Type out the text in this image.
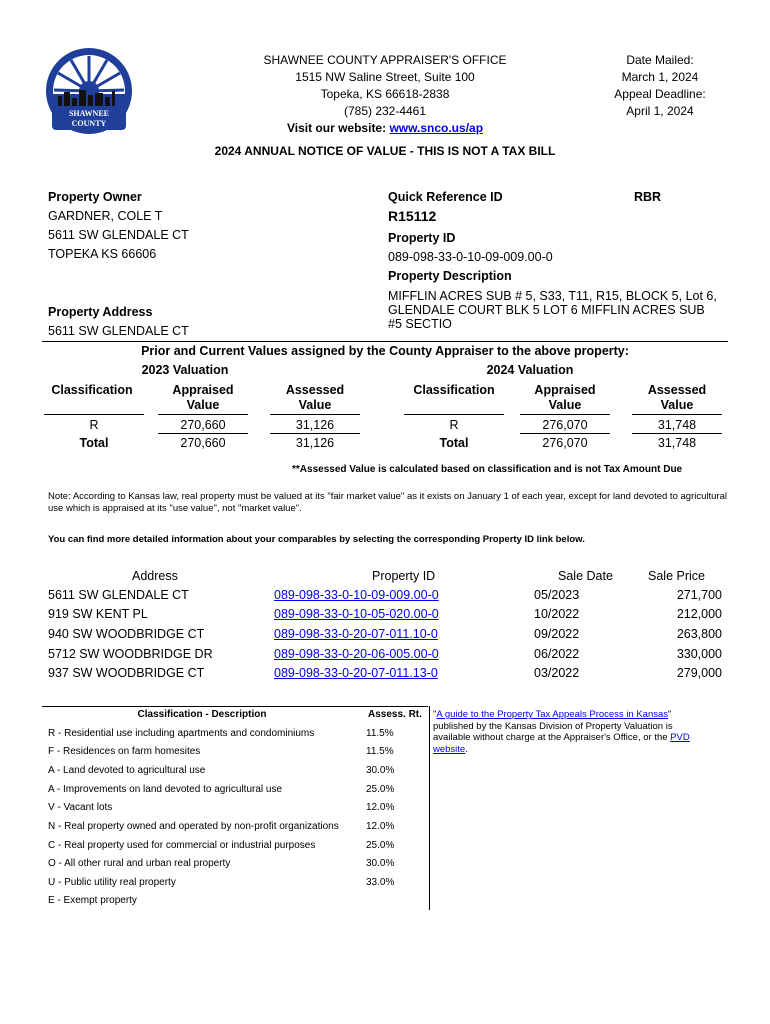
SHAWNEE
COUNTY
SHAWNEE COUNTY APPRAISER'S OFFICE
1515 NW Saline Street, Suite 100
Topeka, KS 66618-2838
(785) 232-4461
Visit our website: www.snco.us/ap
Date Mailed:
March 1, 2024
Appeal Deadline:
April 1, 2024
2024 ANNUAL NOTICE OF VALUE - THIS IS NOT A TAX BILL
Property Owner
GARDNER, COLE T
5611 SW GLENDALE CT
TOPEKA KS 66606
Property Address
5611 SW GLENDALE CT
Quick Reference ID	RBR
R15112
Property ID
089-098-33-0-10-09-009.00-0
Property Description
MIFFLIN ACRES SUB # 5, S33, T11, R15, BLOCK 5, Lot 6,
GLENDALE COURT BLK 5 LOT 6 MIFFLIN ACRES SUB
#5 SECTIO
Prior and Current Values assigned by the County Appraiser to the above property:
2023 Valuation	2024 Valuation
Classification	Appraised
Value
Assessed
Value
Classification	Appraised
Value
Assessed
Value
R	270,660	31,126	R	276,070	31,748
Total	270,660	31,126	Total	276,070	31,748
**Assessed Value is calculated based on classification and is not Tax Amount Due
Note: According to Kansas law, real property must be valued at its "fair market value" as it exists on January 1 of each year, except for land devoted to agricultural use which is appraised at its "use value", not "market value".
You can find more detailed information about your comparables by selecting the corresponding Property ID link below.
Address	Property ID	Sale Date	Sale Price
5611 SW GLENDALE CT	089-098-33-0-10-09-009.00-0	05/2023	271,700
919 SW KENT PL	089-098-33-0-10-05-020.00-0	10/2022	212,000
940 SW WOODBRIDGE CT	089-098-33-0-20-07-011.10-0	09/2022	263,800
5712 SW WOODBRIDGE DR	089-098-33-0-20-06-005.00-0	06/2022	330,000
937 SW WOODBRIDGE CT	089-098-33-0-20-07-011.13-0	03/2022	279,000
Classification - Description	Assess. Rt.
R - Residential use including apartments and condominiums	11.5%
F - Residences on farm homesites	11.5%
A - Land devoted to agricultural use	30.0%
A - Improvements on land devoted to agricultural use	25.0%
V - Vacant lots	12.0%
N - Real property owned and operated by non-profit organizations	12.0%
C - Real property used for commercial or industrial purposes	25.0%
O - All other rural and urban real property	30.0%
U - Public utility real property	33.0%
E - Exempt property
"A guide to the Property Tax Appeals Process in Kansas"
published by the Kansas Division of Property Valuation is
available without charge at the Appraiser's Office, or the PVD
website.
